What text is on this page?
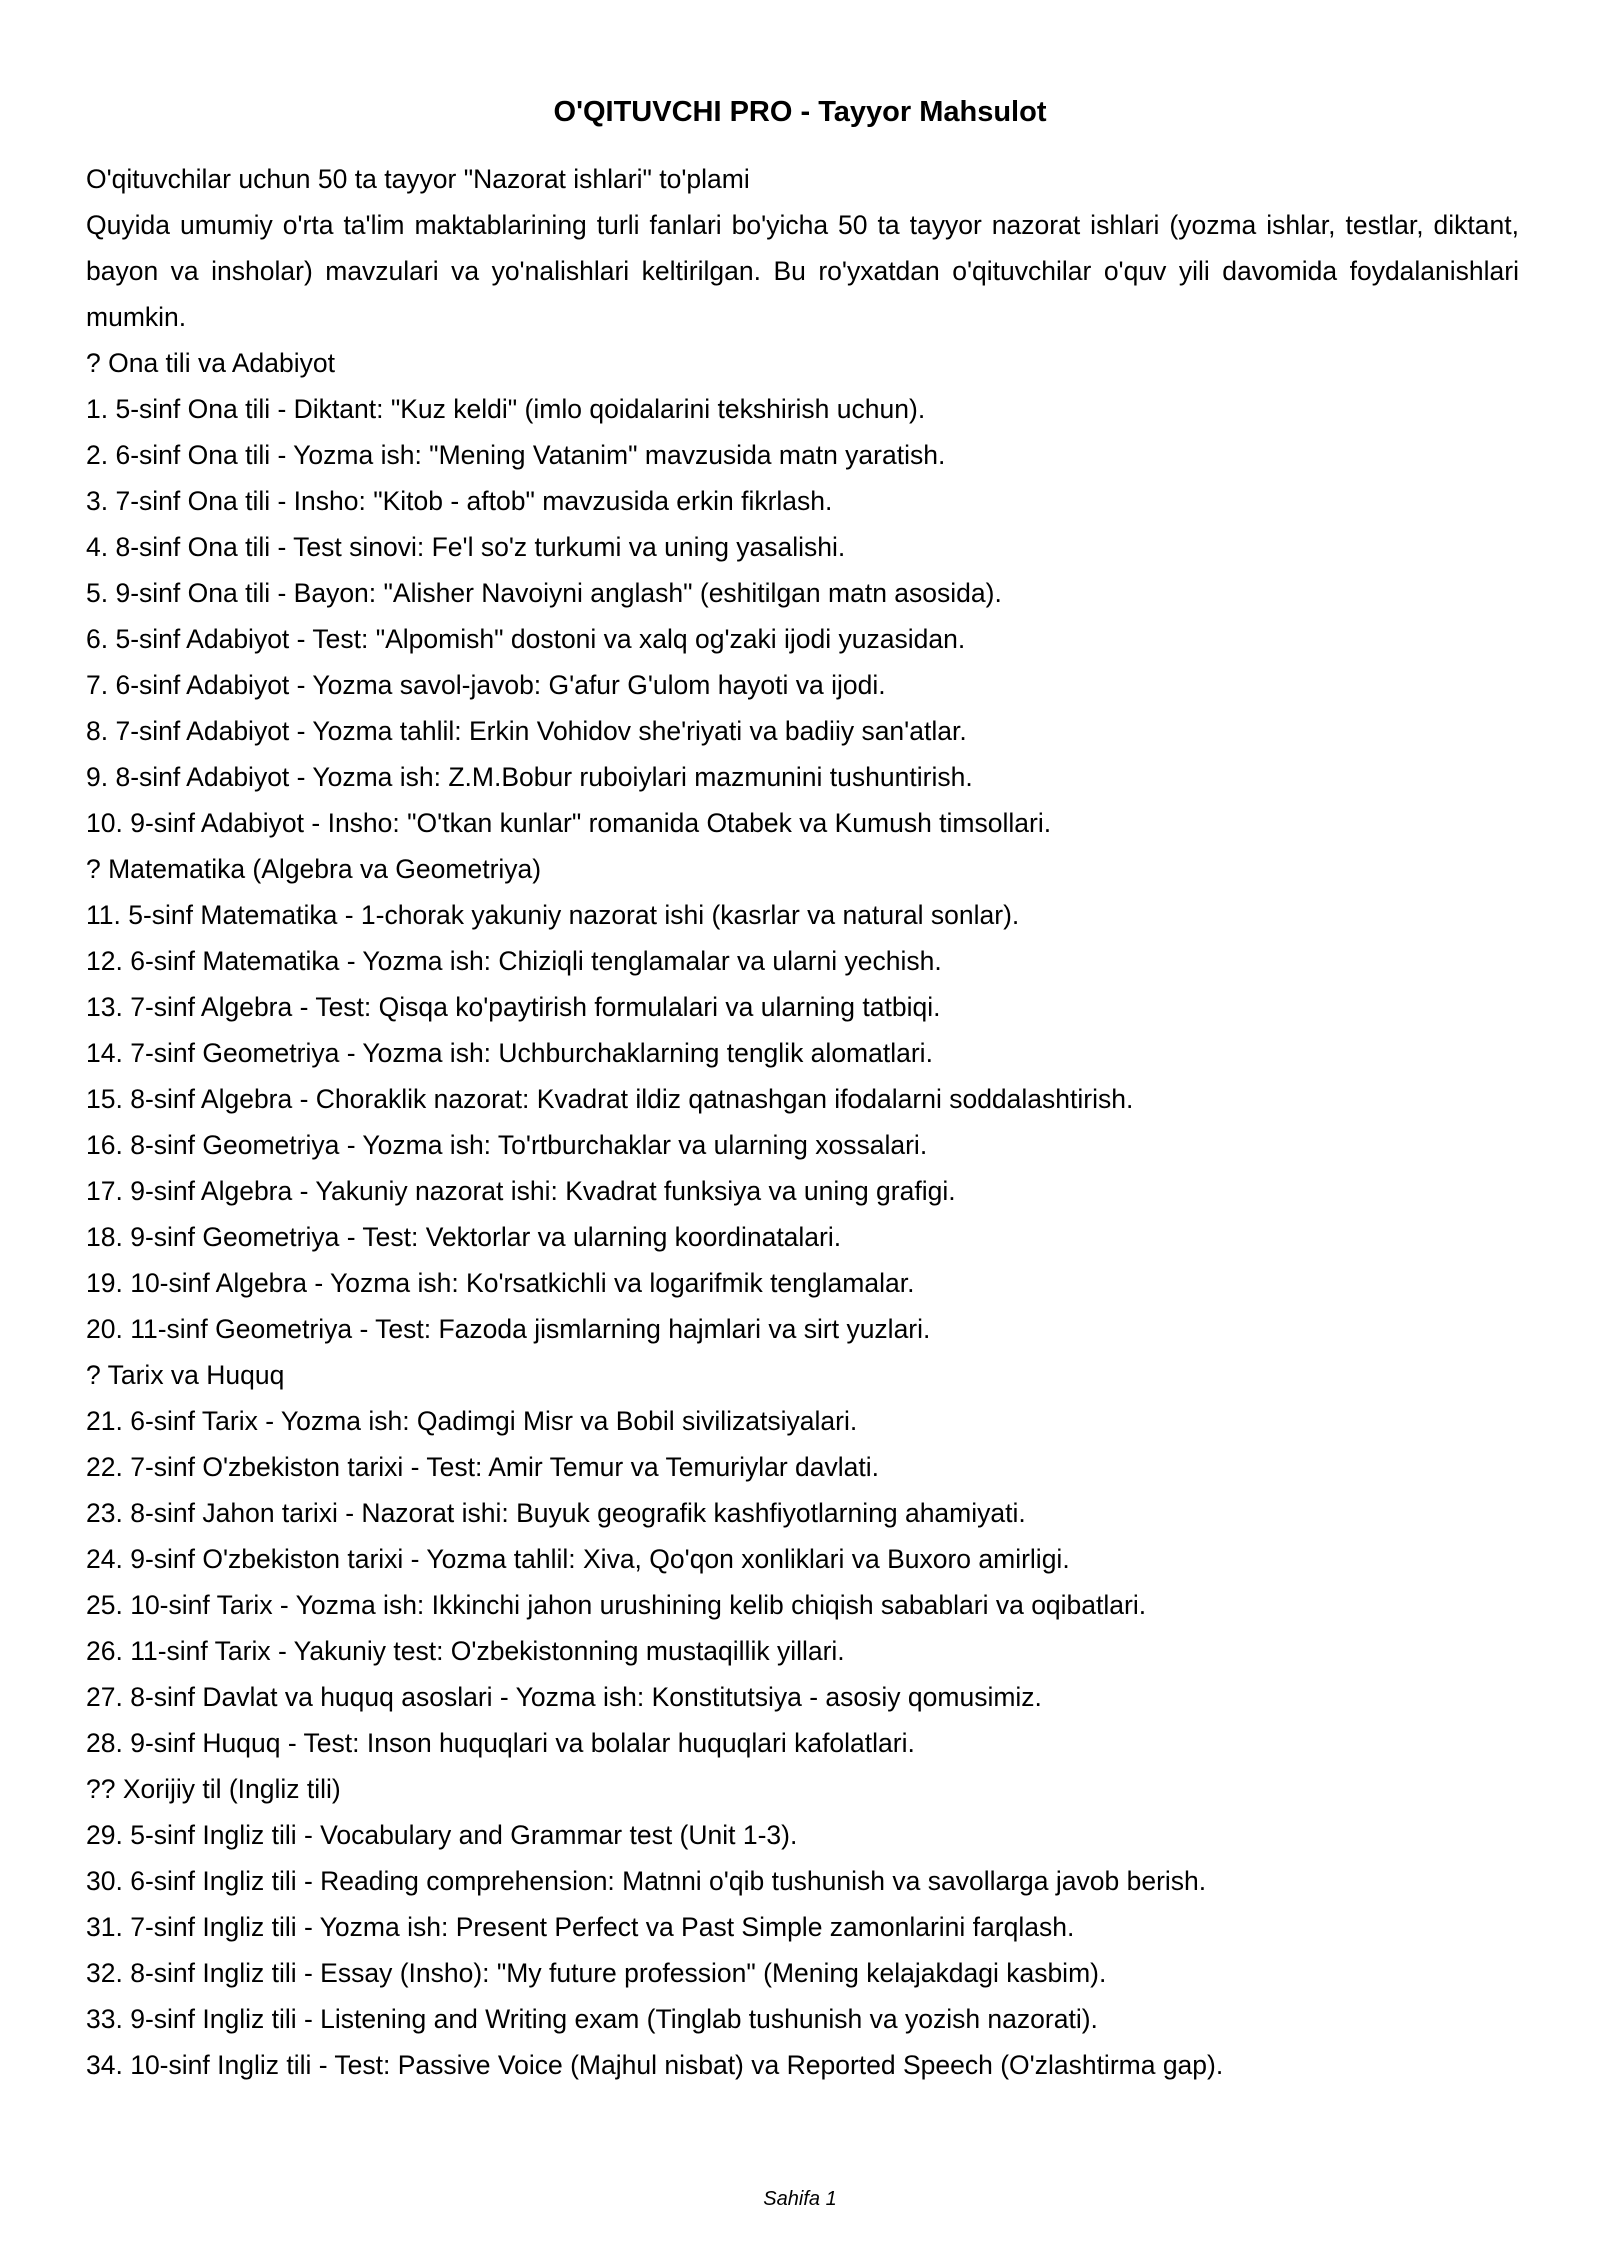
O'QITUVCHI PRO - Tayyor Mahsulot
O'qituvchilar uchun 50 ta tayyor "Nazorat ishlari" to'plami
Quyida umumiy o'rta ta'lim maktablarining turli fanlari bo'yicha 50 ta tayyor nazorat ishlari (yozma ishlar, testlar, diktant, bayon va insholar) mavzulari va yo'nalishlari keltirilgan. Bu ro'yxatdan o'qituvchilar o'quv yili davomida foydalanishlari mumkin.
? Ona tili va Adabiyot
1. 5-sinf Ona tili - Diktant: "Kuz keldi" (imlo qoidalarini tekshirish uchun).
2. 6-sinf Ona tili - Yozma ish: "Mening Vatanim" mavzusida matn yaratish.
3. 7-sinf Ona tili - Insho: "Kitob - aftob" mavzusida erkin fikrlash.
4. 8-sinf Ona tili - Test sinovi: Fe'l so'z turkumi va uning yasalishi.
5. 9-sinf Ona tili - Bayon: "Alisher Navoiyni anglash" (eshitilgan matn asosida).
6. 5-sinf Adabiyot - Test: "Alpomish" dostoni va xalq og'zaki ijodi yuzasidan.
7. 6-sinf Adabiyot - Yozma savol-javob: G'afur G'ulom hayoti va ijodi.
8. 7-sinf Adabiyot - Yozma tahlil: Erkin Vohidov she'riyati va badiiy san'atlar.
9. 8-sinf Adabiyot - Yozma ish: Z.M.Bobur ruboiylari mazmunini tushuntirish.
10. 9-sinf Adabiyot - Insho: "O'tkan kunlar" romanida Otabek va Kumush timsollari.
? Matematika (Algebra va Geometriya)
11. 5-sinf Matematika - 1-chorak yakuniy nazorat ishi (kasrlar va natural sonlar).
12. 6-sinf Matematika - Yozma ish: Chiziqli tenglamalar va ularni yechish.
13. 7-sinf Algebra - Test: Qisqa ko'paytirish formulalari va ularning tatbiqi.
14. 7-sinf Geometriya - Yozma ish: Uchburchaklarning tenglik alomatlari.
15. 8-sinf Algebra - Choraklik nazorat: Kvadrat ildiz qatnashgan ifodalarni soddalashtirish.
16. 8-sinf Geometriya - Yozma ish: To'rtburchaklar va ularning xossalari.
17. 9-sinf Algebra - Yakuniy nazorat ishi: Kvadrat funksiya va uning grafigi.
18. 9-sinf Geometriya - Test: Vektorlar va ularning koordinatalari.
19. 10-sinf Algebra - Yozma ish: Ko'rsatkichli va logarifmik tenglamalar.
20. 11-sinf Geometriya - Test: Fazoda jismlarning hajmlari va sirt yuzlari.
? Tarix va Huquq
21. 6-sinf Tarix - Yozma ish: Qadimgi Misr va Bobil sivilizatsiyalari.
22. 7-sinf O'zbekiston tarixi - Test: Amir Temur va Temuriylar davlati.
23. 8-sinf Jahon tarixi - Nazorat ishi: Buyuk geografik kashfiyotlarning ahamiyati.
24. 9-sinf O'zbekiston tarixi - Yozma tahlil: Xiva, Qo'qon xonliklari va Buxoro amirligi.
25. 10-sinf Tarix - Yozma ish: Ikkinchi jahon urushining kelib chiqish sabablari va oqibatlari.
26. 11-sinf Tarix - Yakuniy test: O'zbekistonning mustaqillik yillari.
27. 8-sinf Davlat va huquq asoslari - Yozma ish: Konstitutsiya - asosiy qomusimiz.
28. 9-sinf Huquq - Test: Inson huquqlari va bolalar huquqlari kafolatlari.
?? Xorijiy til (Ingliz tili)
29. 5-sinf Ingliz tili - Vocabulary and Grammar test (Unit 1-3).
30. 6-sinf Ingliz tili - Reading comprehension: Matnni o'qib tushunish va savollarga javob berish.
31. 7-sinf Ingliz tili - Yozma ish: Present Perfect va Past Simple zamonlarini farqlash.
32. 8-sinf Ingliz tili - Essay (Insho): "My future profession" (Mening kelajakdagi kasbim).
33. 9-sinf Ingliz tili - Listening and Writing exam (Tinglab tushunish va yozish nazorati).
34. 10-sinf Ingliz tili - Test: Passive Voice (Majhul nisbat) va Reported Speech (O'zlashtirma gap).
Sahifa 1
